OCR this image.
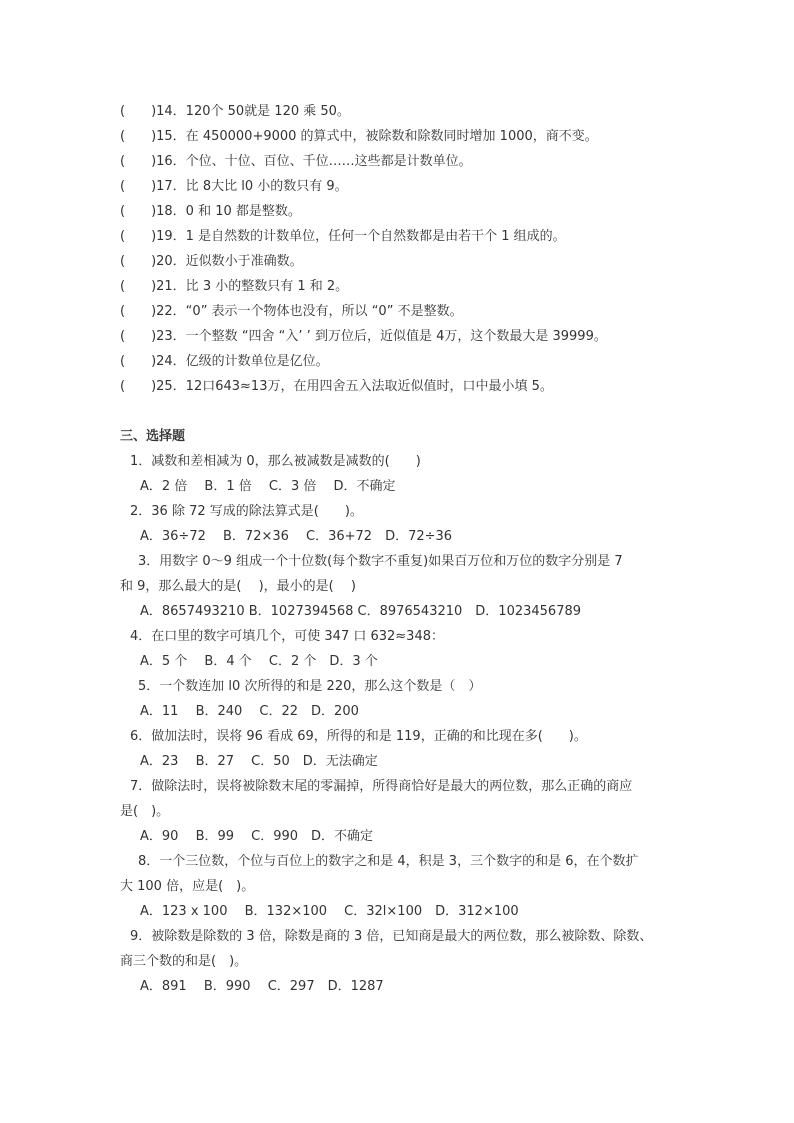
(　　)14．120个 50就是 120 乘 50。
(　　)15．在 450000+9000 的算式中，被除数和除数同时增加 1000，商不变。
(　　)16．个位、十位、百位、千位……这些都是计数单位。
(　　)17．比 8大比 l0 小的数只有 9。
(　　)18．0 和 10 都是整数。
(　　)19．1 是自然数的计数单位，任何一个自然数都是由若干个 1 组成的。
(　　)20．近似数小于准确数。
(　　)21．比 3 小的整数只有 1 和 2。
(　　)22．“0” 表示一个物体也没有，所以 “0” 不是整数。
(　　)23．一个整数 “四舍 “入’ ’ 到万位后，近似值是 4万，这个数最大是 39999。
(　　)24．亿级的计数单位是亿位。
(　　)25．12口643≈13万，在用四舍五入法取近似值时，口中最小填 5。
三、选择题
1．减数和差相减为 0，那么被减数是减数的(　　)
A．2 倍　 B．1 倍　 C．3 倍　 D．不确定
2．36 除 72 写成的除法算式是(　　)。
A．36÷72　 B．72×36　 C．36+72　D．72÷36
3．用数字 0～9 组成一个十位数(每个数字不重复)如果百万位和万位的数字分别是 7
和 9，那么最大的是(　 )，最小的是(　 )
A．8657493210 B．1027394568 C．8976543210　D．1023456789
4．在口里的数字可填几个，可使 347 口 632≈348：
A．5 个　 B．4 个　 C．2 个　D．3 个
5．一个数连加 l0 次所得的和是 220，那么这个数是（　）
A．11　 B．240　 C．22　D．200
6．做加法时，误将 96 看成 69，所得的和是 119，正确的和比现在多(　　)。
A．23　 B．27　 C．50　D．无法确定
7．做除法时，误将被除数末尾的零漏掉，所得商恰好是最大的两位数，那么正确的商应
是(　)。
A．90　 B．99　 C．990　D．不确定
8．一个三位数，个位与百位上的数字之和是 4，积是 3，三个数字的和是 6，在个数扩
大 100 倍，应是(　)。
A．123 x 100　 B．132×100　 C．32l×100　D．312×100
9．被除数是除数的 3 倍，除数是商的 3 倍，已知商是最大的两位数，那么被除数、除数、
商三个数的和是(　)。
A．891　 B．990　 C．297　D．1287
